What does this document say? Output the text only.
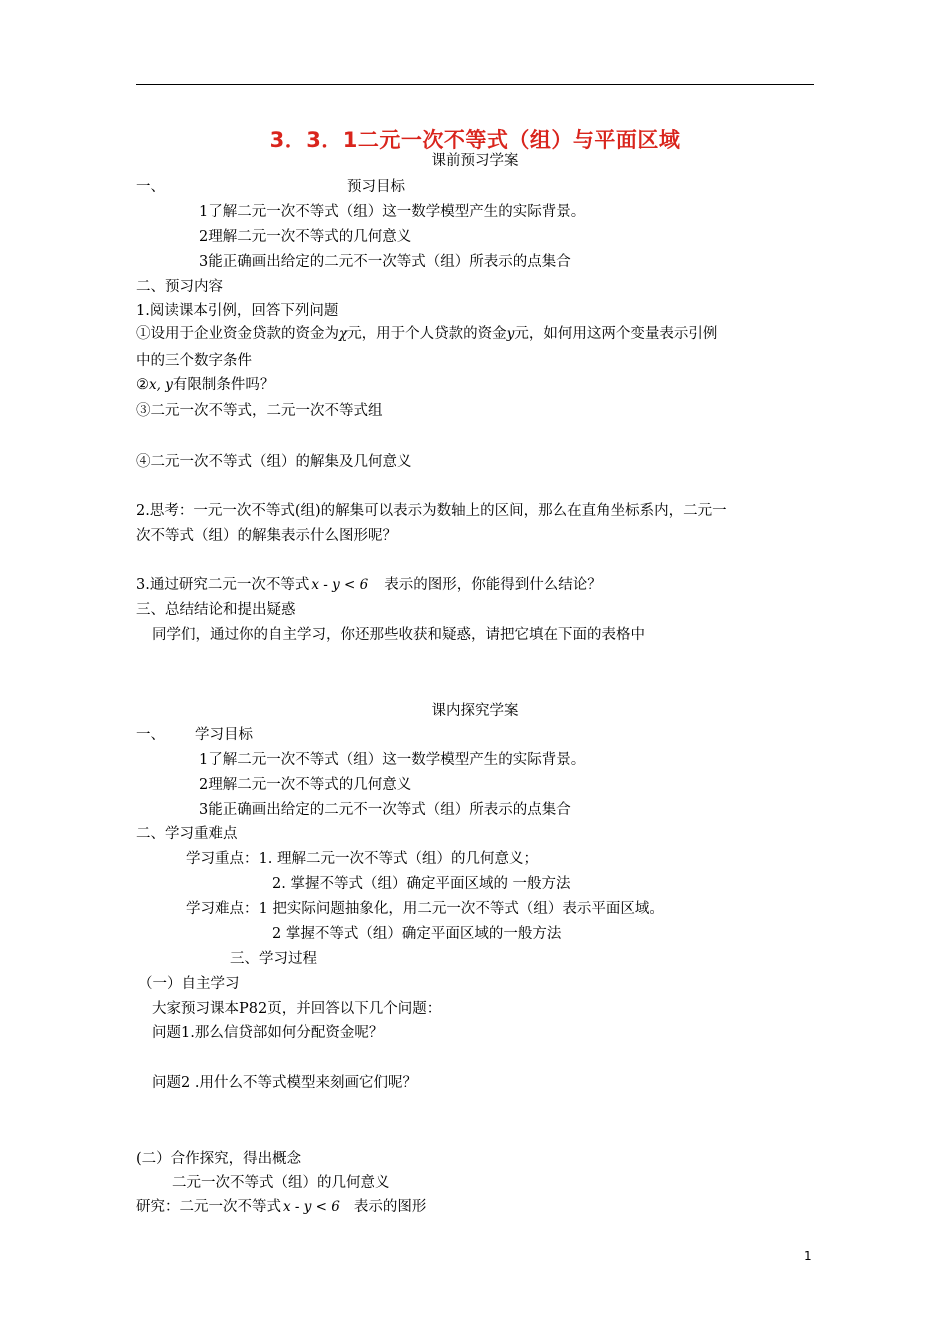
3．3．1二元一次不等式（组）与平面区域
课前预习学案
一、	预习目标
1了解二元一次不等式（组）这一数学模型产生的实际背景。
2理解二元一次不等式的几何意义
3能正确画出给定的二元不一次等式（组）所表示的点集合
二、预习内容
1.阅读课本引例，回答下列问题
①设用于企业资金贷款的资金为χ元，用于个人贷款的资金y元，如何用这两个变量表示引例
中的三个数字条件
②x, y有限制条件吗？
③二元一次不等式，二元一次不等式组
④二元一次不等式（组）的解集及几何意义
2.思考：一元一次不等式(组)的解集可以表示为数轴上的区间，那么在直角坐标系内，二元一
次不等式（组）的解集表示什么图形呢？
3.通过研究二元一次不等式 x - y < 6 表示的图形，你能得到什么结论？
三、总结结论和提出疑惑
同学们，通过你的自主学习，你还那些收获和疑惑，请把它填在下面的表格中
课内探究学案
一、 学习目标
1了解二元一次不等式（组）这一数学模型产生的实际背景。
2理解二元一次不等式的几何意义
3能正确画出给定的二元不一次等式（组）所表示的点集合
二、学习重难点
学习重点：1. 理解二元一次不等式（组）的几何意义；
2. 掌握不等式（组）确定平面区域的 一般方法
学习难点：1 把实际问题抽象化，用二元一次不等式（组）表示平面区域。
2 掌握不等式（组）确定平面区域的一般方法
三、学习过程
（一）自主学习
大家预习课本P82页，并回答以下几个问题：
问题1.那么信贷部如何分配资金呢？
问题2 .用什么不等式模型来刻画它们呢？
(二）合作探究，得出概念
二元一次不等式（组）的几何意义
研究：二元一次不等式 x - y < 6 表示的图形
1
